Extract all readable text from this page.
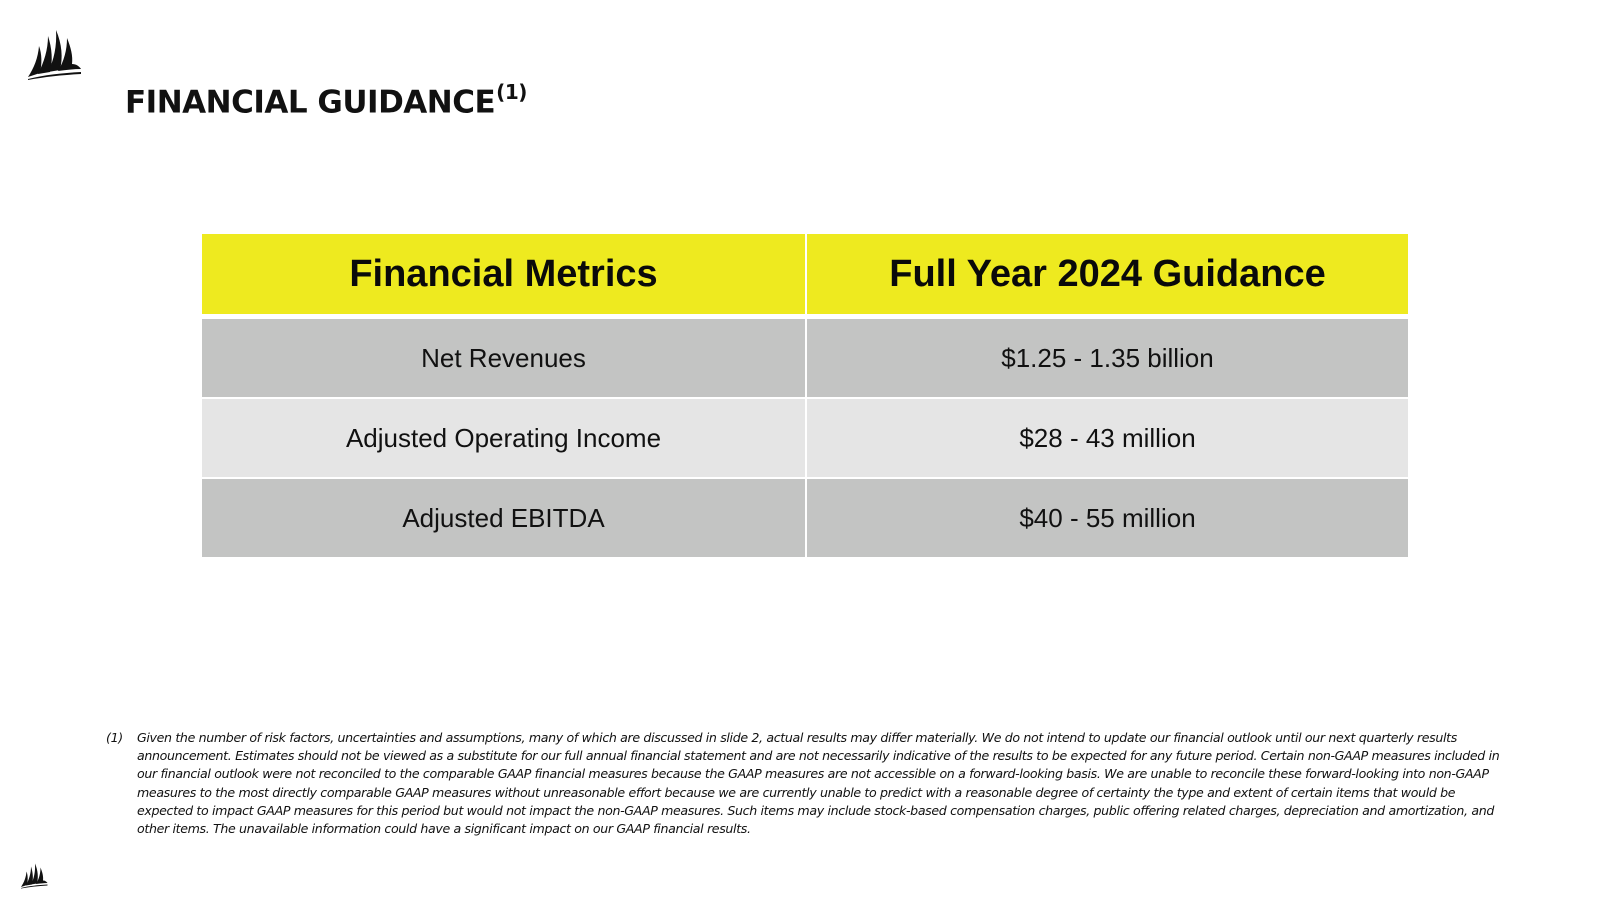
FINANCIAL GUIDANCE$^{(1)}$
Financial Metrics	Full Year 2024 Guidance
Net Revenues	$1.25 - 1.35 billion
Adjusted Operating Income	$28 - 43 million
Adjusted EBITDA	$40 - 55 million
(1) Given the number of risk factors, uncertainties and assumptions, many of which are discussed in slide 2, actual results may differ materially. We do not intend to update our financial outlook until our next quarterly results announcement. Estimates should not be viewed as a substitute for our full annual financial statement and are not necessarily indicative of the results to be expected for any future period. Certain non-GAAP measures included in our financial outlook were not reconciled to the comparable GAAP financial measures because the GAAP measures are not accessible on a forward-looking basis. We are unable to reconcile these forward-looking into non-GAAP measures to the most directly comparable GAAP measures without unreasonable effort because we are currently unable to predict with a reasonable degree of certainty the type and extent of certain items that would be expected to impact GAAP measures for this period but would not impact the non-GAAP measures. Such items may include stock-based compensation charges, public offering related charges, depreciation and amortization, and other items. The unavailable information could have a significant impact on our GAAP financial results.
